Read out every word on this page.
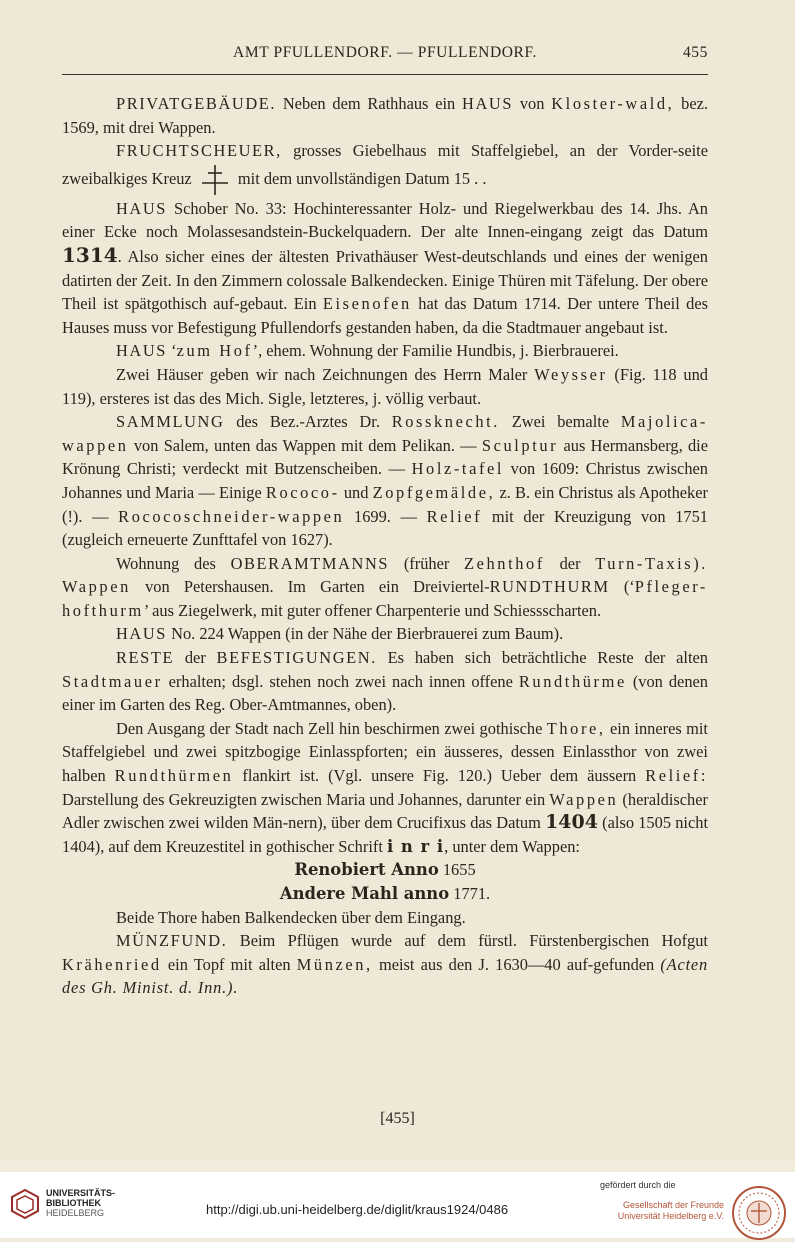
AMT PFULLENDORF. — PFULLENDORF.	455

PRIVATGEBÄUDE. Neben dem Rathhaus ein HAUS von Kloster-wald, bez. 1569, mit drei Wappen.

FRUCHTSCHEUER, grosses Giebelhaus mit Staffelgiebel, an der Vorder-seite zweibalkiges Kreuz  mit dem unvollständigen Datum 15 . .

HAUS Schober No. 33: Hochinteressanter Holz- und Riegelwerkbau des 14. Jhs. An einer Ecke noch Molassesandstein-Buckelquadern. Der alte Innen-eingang zeigt das Datum 1314. Also sicher eines der ältesten Privathäuser West-deutschlands und eines der wenigen datirten der Zeit. In den Zimmern colossale Balkendecken. Einige Thüren mit Täfelung. Der obere Theil ist spätgothisch auf-gebaut. Ein Eisenofen hat das Datum 1714. Der untere Theil des Hauses muss vor Befestigung Pfullendorfs gestanden haben, da die Stadtmauer angebaut ist.

HAUS ‘zum Hof’, ehem. Wohnung der Familie Hundbis, j. Bierbrauerei.

Zwei Häuser geben wir nach Zeichnungen des Herrn Maler Weysser (Fig. 118 und 119), ersteres ist das des Mich. Sigle, letzteres, j. völlig verbaut.

SAMMLUNG des Bez.-Arztes Dr. Rossknecht. Zwei bemalte Majolica-wappen von Salem, unten das Wappen mit dem Pelikan. — Sculptur aus Hermansberg, die Krönung Christi; verdeckt mit Butzenscheiben. — Holz-tafel von 1609: Christus zwischen Johannes und Maria — Einige Rococo- und Zopfgemälde, z. B. ein Christus als Apotheker (!). — Rococoschneider-wappen 1699. — Relief mit der Kreuzigung von 1751 (zugleich erneuerte Zunfttafel von 1627).

Wohnung des OBERAMTMANNS (früher Zehnthof der Turn-Taxis). Wappen von Petershausen. Im Garten ein Dreiviertel-RUNDTHURM (‘Pfleger-hofthurm’ aus Ziegelwerk, mit guter offener Charpenterie und Schiessscharten.

HAUS No. 224 Wappen (in der Nähe der Bierbrauerei zum Baum).

RESTE der BEFESTIGUNGEN. Es haben sich beträchtliche Reste der alten Stadtmauer erhalten; dsgl. stehen noch zwei nach innen offene Rundthürme (von denen einer im Garten des Reg. Ober-Amtmannes, oben).

Den Ausgang der Stadt nach Zell hin beschirmen zwei gothische Thore, ein inneres mit Staffelgiebel und zwei spitzbogige Einlasspforten; ein äusseres, dessen Einlassthor von zwei halben Rundthürmen flankirt ist. (Vgl. unsere Fig. 120.) Ueber dem äussern Relief: Darstellung des Gekreuzigten zwischen Maria und Johannes, darunter ein Wappen (heraldischer Adler zwischen zwei wilden Män-nern), über dem Crucifixus das Datum 1404 (also 1505 nicht 1404), auf dem Kreuzestitel in gothischer Schrift i n r i, unter dem Wappen:

Renobiert Anno 1655

Andere Mahl anno 1771.

Beide Thore haben Balkendecken über dem Eingang.

MÜNZFUND. Beim Pflügen wurde auf dem fürstl. Fürstenbergischen Hofgut Krähenried ein Topf mit alten Münzen, meist aus den J. 1630—40 auf-gefunden (Acten des Gh. Minist. d. Inn.).

[455]
UNIVERSITÄTS-
BIBLIOTHEK
HEIDELBERG	http://digi.ub.uni-heidelberg.de/diglit/kraus1924/0486
gefördert durch die
Gesellschaft der Freunde
Universität Heidelberg e.V.
